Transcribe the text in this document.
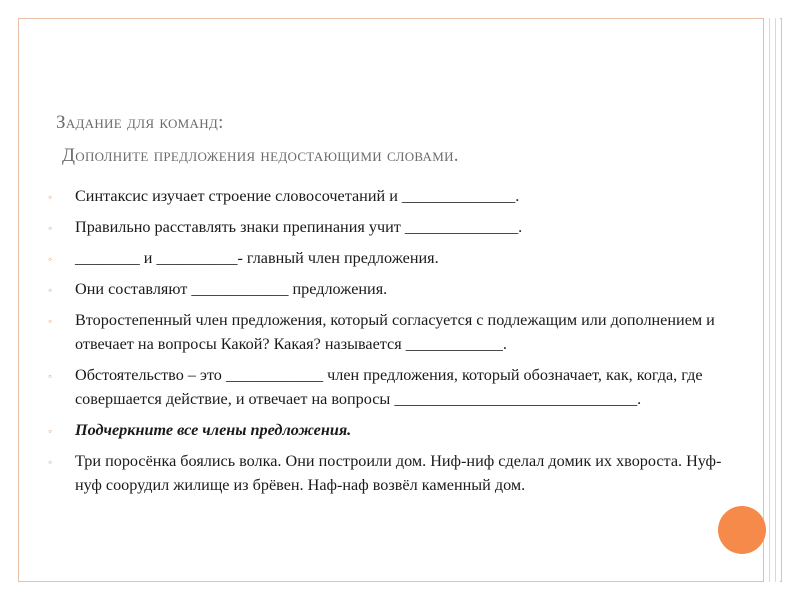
Задание для команд:
Дополните предложения недостающими словами.
◦ Синтаксис изучает строение словосочетаний и ______________.
◦ Правильно расставлять знаки препинания учит ______________.
◦ ________ и __________- главный член предложения.
◦ Они составляют ____________ предложения.
◦ Второстепенный член предложения, который согласуется с подлежащим или дополнением и отвечает на вопросы Какой? Какая? называется ____________.
◦ Обстоятельство – это ____________ член предложения, который обозначает, как, когда, где совершается действие, и отвечает на вопросы ______________________________.
◦ Подчеркните все члены предложения.
◦ Три поросёнка боялись волка. Они построили дом. Ниф-ниф сделал домик их хвороста. Нуф-нуф соорудил жилище из брёвен. Наф-наф возвёл каменный дом.
